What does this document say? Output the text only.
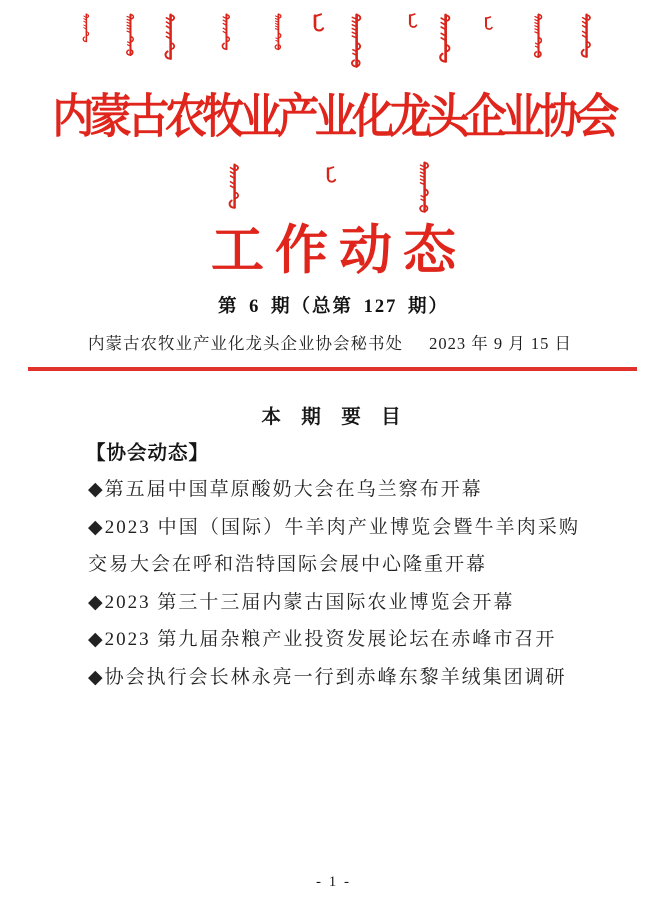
内蒙古农牧业产业化龙头企业协会
工作动态
第 6 期（总第 127 期）
内蒙古农牧业产业化龙头企业协会秘书处 2023 年 9 月 15 日
本 期 要 目
【协会动态】

◆第五届中国草原酸奶大会在乌兰察布开幕

◆2023 中国（国际）牛羊肉产业博览会暨牛羊肉采购交易大会在呼和浩特国际会展中心隆重开幕

◆2023 第三十三届内蒙古国际农业博览会开幕

◆2023 第九届杂粮产业投资发展论坛在赤峰市召开

◆协会执行会长林永亮一行到赤峰东黎羊绒集团调研

- 1 -
